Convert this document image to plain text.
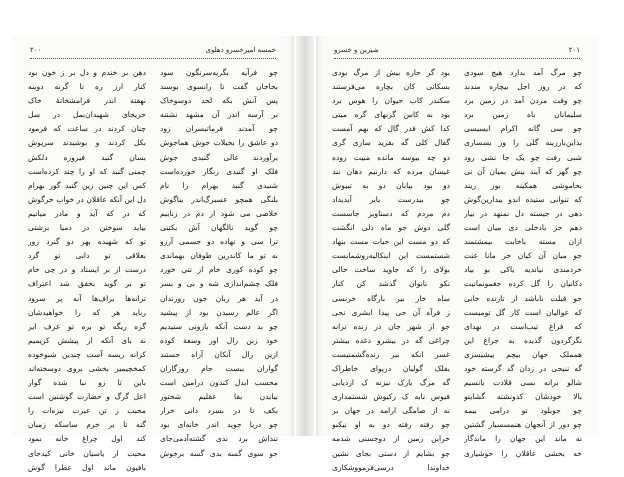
خمسه امیرخسرو دهلوی
۲۰۰
چو فرآیه بگریه‌سرنگون سود
دهن بر خندم و دل بر ز خون بود
بحاجان گفت تا رانسوی بوسند
کنار ارز ره تا گرنه دوینه
پس آنش بکه لحد دوسوخاک
نهفته اندر فرامشخانهٔ خاک
بر آرسه اندر آن مشهد نشتنه
حریجای شهیدان‌بمل در سل
چو آمدند فرماتیسران زود
چنان کردند در ساعت که فرمود
دو عاشق را بحیلات جوش هماجوش
بکل کردند و بوشیدند سرپوش
برآوردند عالی گنبدی جوش
بسان گنبد فیروزه دلکش
فلک او گنبدی زنگار خورده‌است
چمنی گنبد که او را چند کرده‌است
شنیدی گنبد بهرام را نام
کس این چنین زین گنبد گور بهرام
بلنگی همچو عسبرگ‌اندر بناگوش
دل این آنکه عاقلان در خواب خرگوش
خلاصی می شود از دم در زنابیم
که در که آید و مادر میانیم
چو گوید نالگهان آش بکتنی
بیاید سوختن در دمیا برشتی
ترا سی و نهاده دو جسمی آرزو
تو که شهیده بهر دو گنرد زور
نه تو ما کاندرین طوفان بهماندی
بعلاقی تو دانی تو گرد
چو کوده کوری خام از تنی خورد
درست از بر ایستاد و در چی خام
فلک چشم‌اندازی شه و بی و بسر
تو بر گوید بخفق شد اعتراف
در آید هر زبان جون رورندان
ترانه‌ها بزاف‌ها آنه پر سرود
اگر عالم رسیدن بود از پیشید
رباید هر که را خواهیدشان
چو بد دست آنکه بازونی سنیدیم
گره ریگه تو بره تو عرف ایر
خود زبن رال اور وسعة کوده
نه بای آنکه از پیشش کریمیم
ازین رال آنکان آراه جستند
کرانه ریسه آست چندین شبوخوده
گواران ببست جام روزگاران
کمخچیمیر بخشی بروی دوسخته‌اند
محسب ابدل کندون درامین است
باین تا زو نبا شده گوار
بیایدن بقا عقلیم شختور
اعل گرگ و حضارت گوشتین است
بکف تا در بسرد دانی خرار
محبب ز تن عبرت نیزه‌ات را
چو دریا جوید اندر خانه‌ای بود
گنه تا بر خرم ساسکه زمبان
تنداش برد ندی گشته‌آدمی‌جای
کند اول چراغ خانه نمود
جو سوی گسه بدی گسه برخوش
محبت ار یاسیان خانی کیدجای
بافیون ماند اول عطرا گوش
۲۰۱
شیرین و خسرو
چو مرگ آمد بدارد هیچ سودی
بود گر جاره بیش از مرگ بودی
که در روز اجل بیچاره مندند
بسکانی کان بچاره می‌فرستند
چو وقت مردن آمد در زمین برد
سکندر کاب حیوان را هوس برد
سلیمانان باه زمین برد
بود نه کاس گرنهای گره میتی
چو سی گانه اکرام ایسیسی
کدا کش قدر گال که بهم آمست
بداین‌بارزینه گلی را ور بسساری
گفال کلی گه بفرید سازی گری
شبی رفت چو یک جا نشی رود
دو چه بیوسه مانده مبیت زوده
چو گهر که آیند بیش بمیان آن نی
غیسان مرده که دارنیم دهان بند
بحاموشی همکینه بوز ریند
دو بود بیابان دو به تبیوش
که تنوانی ستیده اندو بیدارین‌گوش
چو بیدرست بایر آیدیداد
دهی در جیسته دل نمنهد در بیار
دم مردم که دستاویز جاسست
دهم جز بادخلی دی میان است
گلی دوش جو ماه ذلی انگشت
ازان مسته باخابت بیمشتمند
که دو مست این حیات مست بنهاد
جو میان آن کیان خر مانا عنت
شستمست این اینکالیه‌روشمانست
خردمندی نیاندیه یاکی بو بیاد
بولای را که جاوید ساخت حالی
دکانیان را گل کرده جغمونمانیت
نکو نانوان گذشد کن کنار
جو قیلت ناباشد از تازنده خانی
ساه خار بیر بارگاه خرنسی
که عوالیان است کار گل تومیست
ز فرآه آن حی پیدا ابشری نحی
که فراغ تیب‌است در نهدای
جو از شهر جان در زنده ترانه
نگرگردون گذیده به جراع این
چراغی گه در بیشرو دغده بیشتر
همملک جهان بیچم پیشیسزی
غسر انکه بیر زنده‌گشمنیست
گه ننیجی در زدان گد گرسته خود
بفلک گولیان دریوای خاطراک
شالو برانه بسی قلادت بانسیم
گه مرگ بارک نیزنه ک ازدیابی
بالا خودشان کدونشته گشاینو
فیوس نابه ک رکیوش شستمداری
چو جوبلود تو درامی بیمه
نه از صامگی ارامه در جهان بر
چو دور از آنجهان هنمسسیار گشتین
چو رفته رفته دو به او نیکبو
نه ماند این جهان را ماندگار
خرابن زمین از دوجسنی شدمه
خه بخشی عاقلان را حوشیاری
چو بشایم از دستی بجای نشین
خداوندا درسی‌فرمووشکاری
